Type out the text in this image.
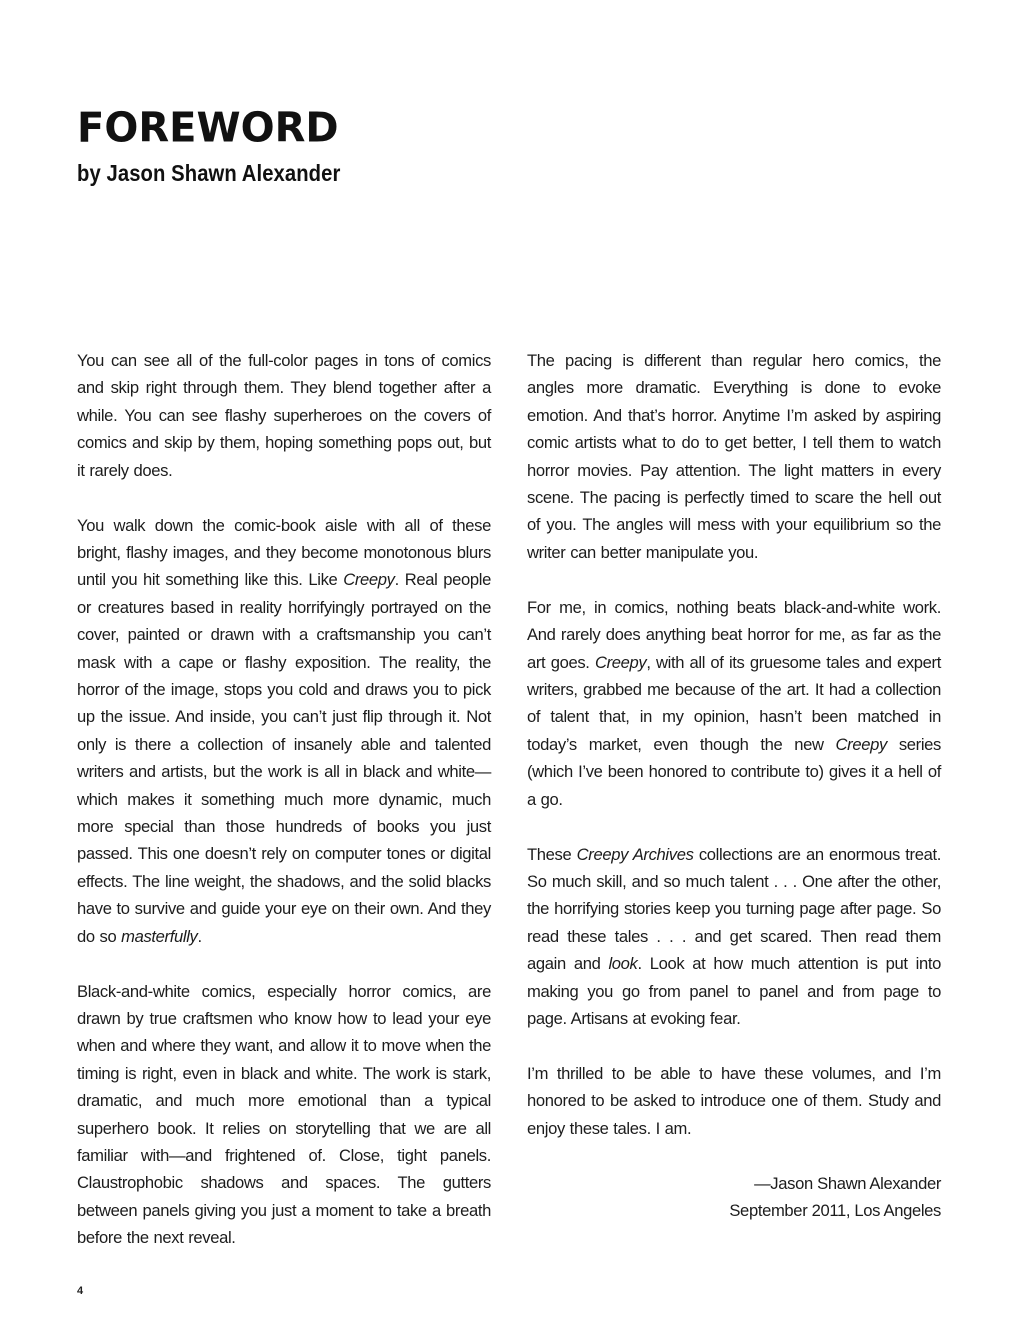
FOREWORD
by Jason Shawn Alexander

You can see all of the full-color pages in tons of comics and skip right through them. They blend together after a while. You can see flashy superheroes on the covers of comics and skip by them, hoping something pops out, but it rarely does.

You walk down the comic-book aisle with all of these bright, flashy images, and they become monotonous blurs until you hit something like this. Like Creepy. Real people or creatures based in reality horrifyingly portrayed on the cover, painted or drawn with a craftsmanship you can’t mask with a cape or flashy exposition. The reality, the horror of the image, stops you cold and draws you to pick up the issue. And inside, you can’t just flip through it. Not only is there a collection of insanely able and talented writers and artists, but the work is all in black and white—which makes it something much more dynamic, much more special than those hundreds of books you just passed. This one doesn’t rely on computer tones or digital effects. The line weight, the shadows, and the solid blacks have to survive and guide your eye on their own. And they do so masterfully.

Black-and-white comics, especially horror comics, are drawn by true craftsmen who know how to lead your eye when and where they want, and allow it to move when the timing is right, even in black and white. The work is stark, dramatic, and much more emotional than a typical superhero book. It relies on storytelling that we are all familiar with—and frightened of. Close, tight panels. Claustrophobic shadows and spaces. The gutters between panels giving you just a moment to take a breath before the next reveal.

The pacing is different than regular hero comics, the angles more dramatic. Everything is done to evoke emotion. And that’s horror. Anytime I’m asked by aspiring comic artists what to do to get better, I tell them to watch horror movies. Pay attention. The light matters in every scene. The pacing is perfectly timed to scare the hell out of you. The angles will mess with your equilibrium so the writer can better manipulate you.

For me, in comics, nothing beats black-and-white work. And rarely does anything beat horror for me, as far as the art goes. Creepy, with all of its gruesome tales and expert writers, grabbed me because of the art. It had a collection of talent that, in my opinion, hasn’t been matched in today’s market, even though the new Creepy series (which I’ve been honored to contribute to) gives it a hell of a go.

These Creepy Archives collections are an enormous treat. So much skill, and so much talent . . . One after the other, the horrifying stories keep you turning page after page. So read these tales . . . and get scared. Then read them again and look. Look at how much attention is put into making you go from panel to panel and from page to page. Artisans at evoking fear.

I’m thrilled to be able to have these volumes, and I’m honored to be asked to introduce one of them. Study and enjoy these tales. I am.

—Jason Shawn Alexander
September 2011, Los Angeles
4
